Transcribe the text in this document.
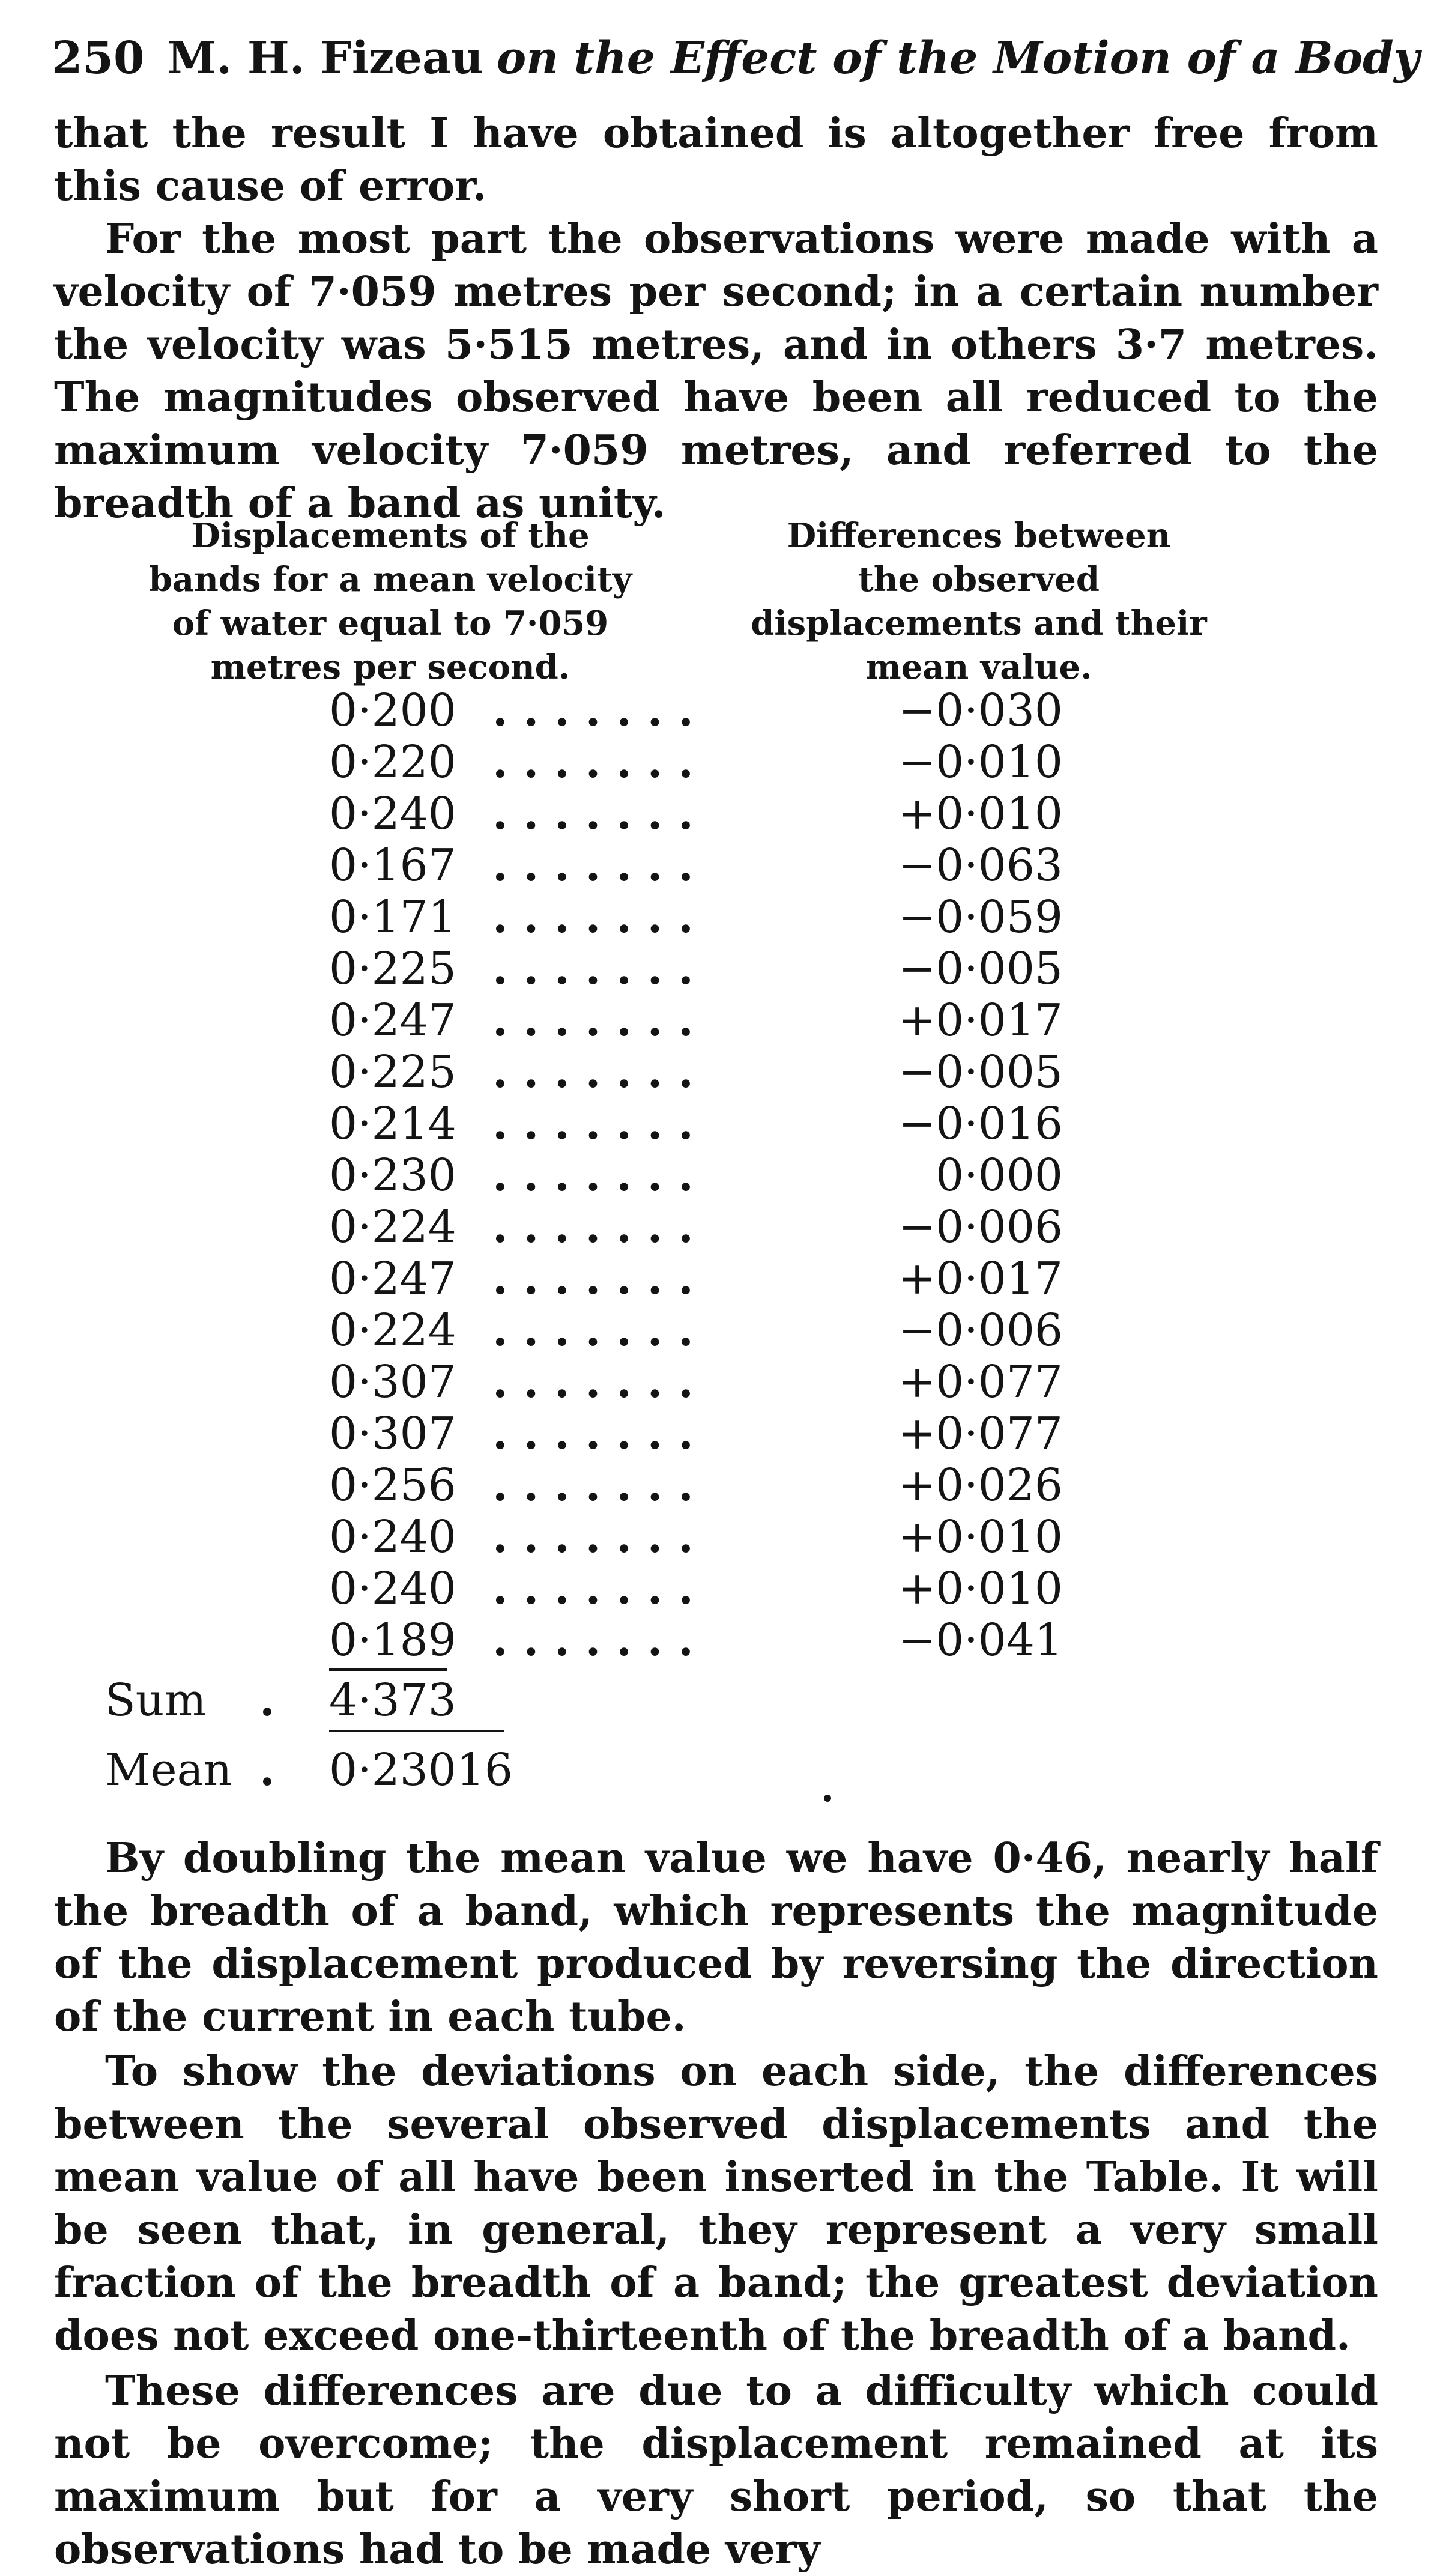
250 M. H. Fizeau on the Effect of the Motion of a Body

that the result I have obtained is altogether free from this cause of error.

For the most part the observations were made with a velocity of 7·059 metres per second; in a certain number the velocity was 5·515 metres, and in others 3·7 metres. The magnitudes observed have been all reduced to the maximum velocity 7·059 metres, and referred to the breadth of a band as unity.

Displacements of the bands for a mean velocity of water equal to 7·059 metres per second.
Differences between the observed displacements and their mean value.
0·200 . . . . . . .	−0·030
0·220 . . . . . . .	−0·010
0·240 . . . . . . .	+0·010
0·167 . . . . . . .	−0·063
0·171 . . . . . . .	−0·059
0·225 . . . . . . .	−0·005
0·247 . . . . . . .	+0·017
0·225 . . . . . . .	−0·005
0·214 . . . . . . .	−0·016
0·230 . . . . . . .	0·000
0·224 . . . . . . .	−0·006
0·247 . . . . . . .	+0·017
0·224 . . . . . . .	−0·006
0·307 . . . . . . .	+0·077
0·307 . . . . . . .	+0·077
0·256 . . . . . . .	+0·026
0·240 . . . . . . .	+0·010
0·240 . . . . . . .	+0·010
0·189 . . . . . . .	−0·041
Sum	.	4·373
Mean .	0·23016

By doubling the mean value we have 0·46, nearly half the breadth of a band, which represents the magnitude of the displacement produced by reversing the direction of the current in each tube.

To show the deviations on each side, the differences between the several observed displacements and the mean value of all have been inserted in the Table. It will be seen that, in general, they represent a very small fraction of the breadth of a band; the greatest deviation does not exceed one-thirteenth of the breadth of a band.

These differences are due to a difficulty which could not be overcome; the displacement remained at its maximum but for a very short period, so that the observations had to be made very
